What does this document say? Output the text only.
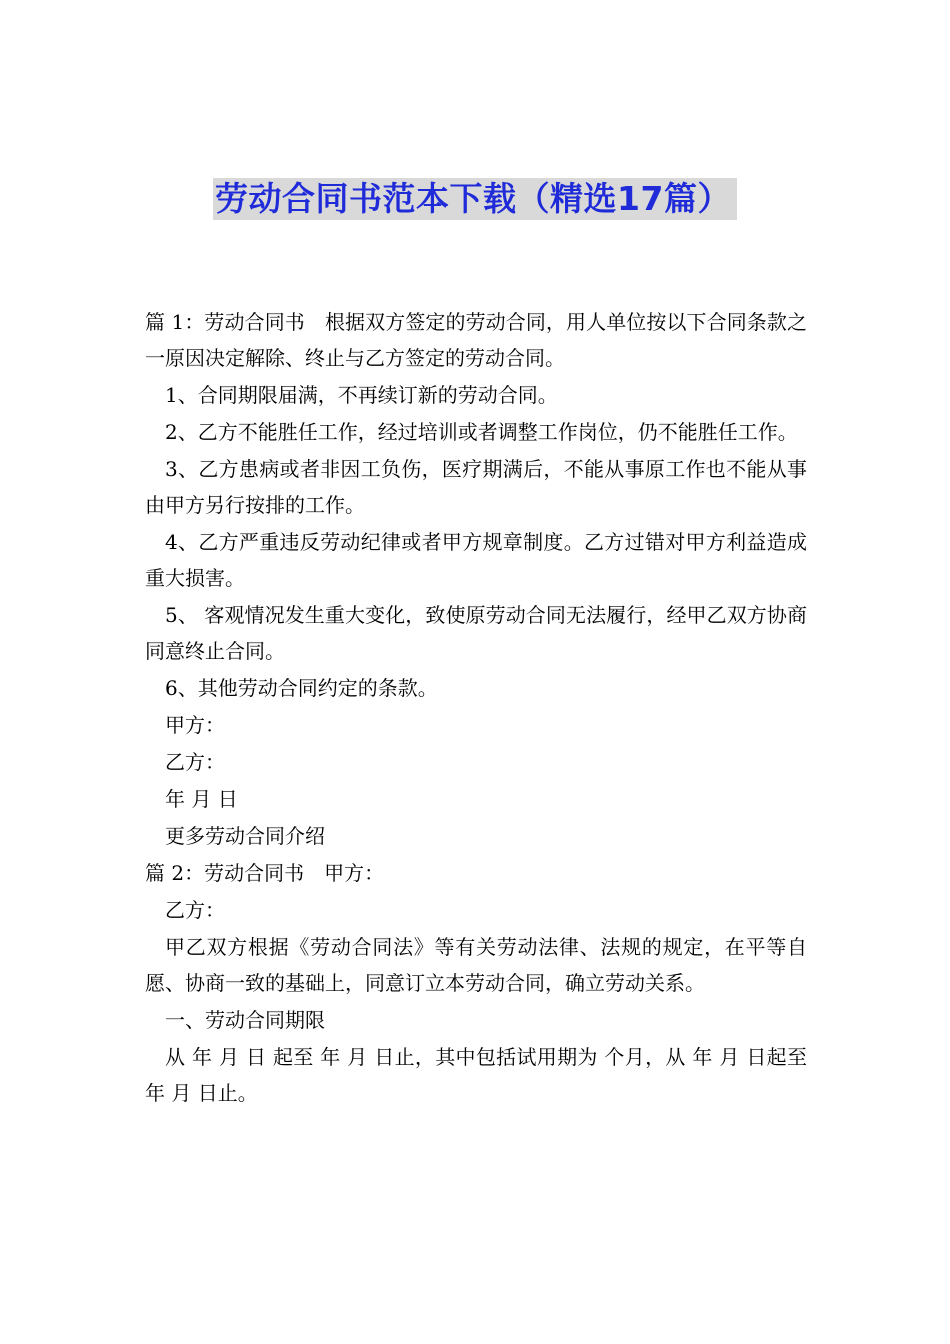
劳动合同书范本下载（精选17篇）

篇 1：劳动合同书　根据双方签定的劳动合同，用人单位按以下合同条款之一原因决定解除、终止与乙方签定的劳动合同。

1、合同期限届满，不再续订新的劳动合同。

2、乙方不能胜任工作，经过培训或者调整工作岗位，仍不能胜任工作。

3、乙方患病或者非因工负伤，医疗期满后，不能从事原工作也不能从事由甲方另行按排的工作。

4、乙方严重违反劳动纪律或者甲方规章制度。乙方过错对甲方利益造成重大损害。

5、 客观情况发生重大变化，致使原劳动合同无法履行，经甲乙双方协商同意终止合同。

6、其他劳动合同约定的条款。

甲方：

乙方：

年 月 日

更多劳动合同介绍

篇 2：劳动合同书　甲方：

乙方：

甲乙双方根据《劳动合同法》等有关劳动法律、法规的规定，在平等自愿、协商一致的基础上，同意订立本劳动合同，确立劳动关系。

一、劳动合同期限

从 年 月 日 起至 年 月 日止，其中包括试用期为 个月，从 年 月 日起至 年 月 日止。
